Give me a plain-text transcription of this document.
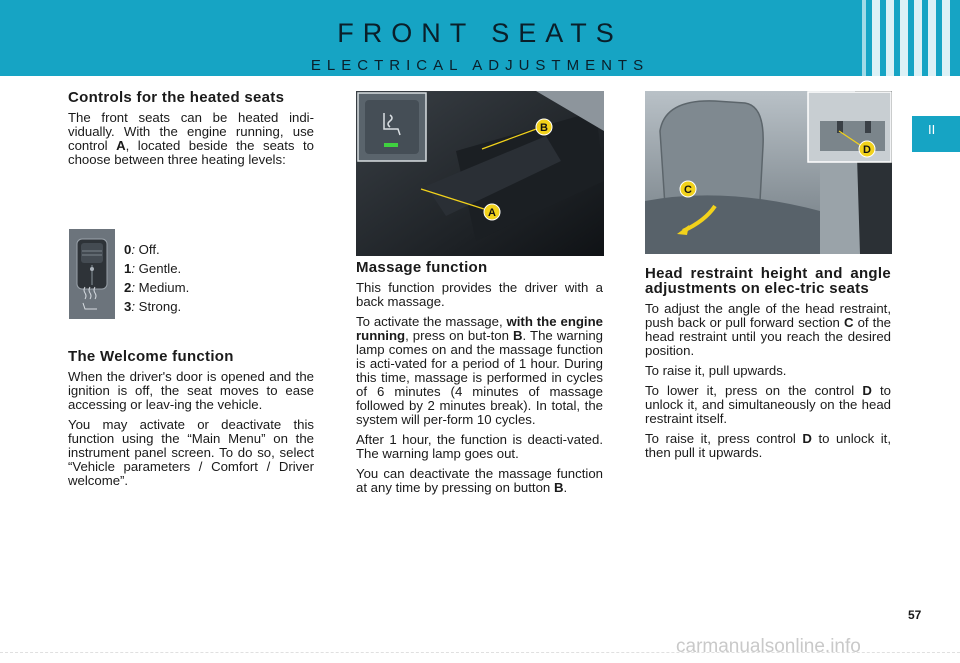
FRONT SEATS
ELECTRICAL ADJUSTMENTS
II
Controls for the heated seats

The front seats can be heated indi-vidually. With the engine running, use control A, located beside the seats to choose between three heating levels:

0: Off.
1: Gentle.
2: Medium.
3: Strong.
The Welcome function

When the driver's door is opened and the ignition is off, the seat moves to ease accessing or leav-ing the vehicle.

You may activate or deactivate this function using the “Main Menu” on the instrument panel screen. To do so, select “Vehicle parameters / Comfort / Driver welcome”.

B
A
Massage function

This function provides the driver with a back massage.

To activate the massage, with the engine running, press on but-ton B. The warning lamp comes on and the massage function is acti-vated for a period of 1 hour. During this time, massage is performed in cycles of 6 minutes (4 minutes of massage followed by 2 minutes break). In total, the system will per-form 10 cycles.

After 1 hour, the function is deacti-vated. The warning lamp goes out.

You can deactivate the massage function at any time by pressing on button B.

C
D
Head restraint height and angle adjustments on elec-tric seats

To adjust the angle of the head restraint, push back or pull forward section C of the head restraint until you reach the desired position.

To raise it, pull upwards.

To lower it, press on the control D to unlock it, and simultaneously on the head restraint itself.

To raise it, press control D to unlock it, then pull it upwards.

57
carmanualsonline.info
